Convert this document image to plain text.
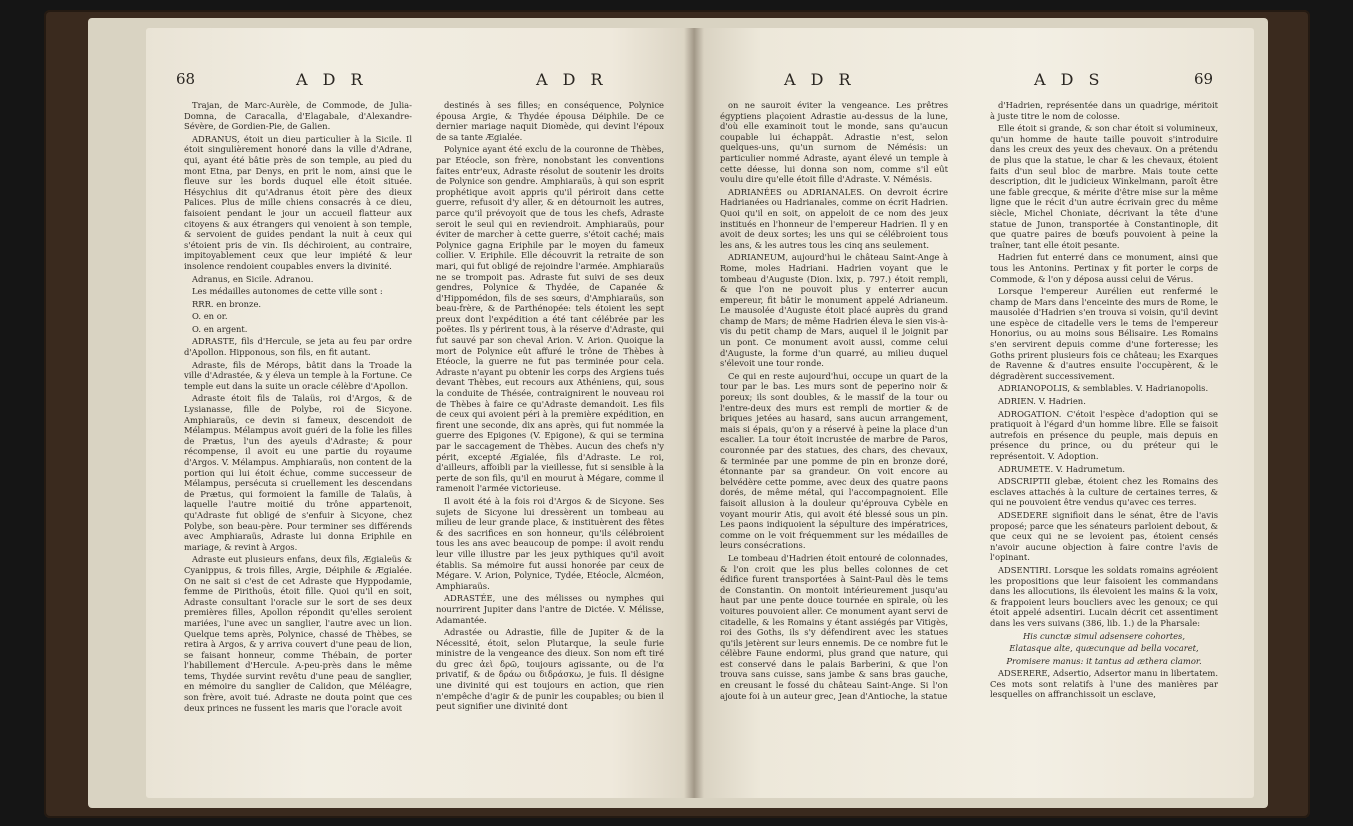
68	A D R	A D R

Trajan, de Marc-Aurèle, de Commode, de Julia-Domna, de Caracalla, d'Elagabale, d'Alexandre-Sévère, de Gordien-Pie, de Galien.

ADRANUS, étoit un dieu particulier à la Sicile. Il étoit singulièrement honoré dans la ville d'Adrane, qui, ayant été bâtie près de son temple, au pied du mont Etna, par Denys, en prit le nom, ainsi que le fleuve sur les bords duquel elle étoit située. Hésychius dit qu'Adranus étoit père des dieux Palices. Plus de mille chiens consacrés à ce dieu, faisoient pendant le jour un accueil flatteur aux citoyens & aux étrangers qui venoient à son temple, & servoient de guides pendant la nuit à ceux qui s'étoient pris de vin. Ils déchiroient, au contraire, impitoyablement ceux que leur impiété & leur insolence rendoient coupables envers la divinité.

Adranus, en Sicile. Adranou.

Les médailles autonomes de cette ville sont :

RRR. en bronze.

O. en or.

O. en argent.

ADRASTE, fils d'Hercule, se jeta au feu par ordre d'Apollon. Hipponous, son fils, en fit autant.

Adraste, fils de Mérops, bâtit dans la Troade la ville d'Adrastée, & y éleva un temple à la Fortune. Ce temple eut dans la suite un oracle célèbre d'Apollon.

Adraste étoit fils de Talaüs, roi d'Argos, & de Lysianasse, fille de Polybe, roi de Sicyone. Amphiaraüs, ce devin si fameux, descendoit de Mélampus. Mélampus avoit guéri de la folie les filles de Prætus, l'un des ayeuls d'Adraste; & pour récompense, il avoit eu une partie du royaume d'Argos. V. Mélampus. Amphiaraüs, non content de la portion qui lui étoit échue, comme successeur de Mélampus, persécuta si cruellement les descendans de Prætus, qui formoient la famille de Talaüs, à laquelle l'autre moitié du trône appartenoit, qu'Adraste fut obligé de s'enfuir à Sicyone, chez Polybe, son beau-père. Pour terminer ses différends avec Amphiaraüs, Adraste lui donna Eriphile en mariage, & revint à Argos.

Adraste eut plusieurs enfans, deux fils, Ægialeüs & Cyanippus, & trois filles, Argie, Déiphile & Ægialée. On ne sait si c'est de cet Adraste que Hyppodamie, femme de Pirithoüs, étoit fille. Quoi qu'il en soit, Adraste consultant l'oracle sur le sort de ses deux premières filles, Apollon répondit qu'elles seroient mariées, l'une avec un sanglier, l'autre avec un lion. Quelque tems après, Polynice, chassé de Thèbes, se retira à Argos, & y arriva couvert d'une peau de lion, se faisant honneur, comme Thébain, de porter l'habillement d'Hercule. A-peu-près dans le même tems, Thydée survint revêtu d'une peau de sanglier, en mémoire du sanglier de Calidon, que Méléagre, son frère, avoit tué. Adraste ne douta point que ces deux princes ne fussent les maris que l'oracle avoit

destinés à ses filles; en conséquence, Polynice épousa Argie, & Thydée épousa Déiphile. De ce dernier mariage naquit Diomède, qui devint l'époux de sa tante Ægialée.

Polynice ayant été exclu de la couronne de Thèbes, par Etéocle, son frère, nonobstant les conventions faites entr'eux, Adraste résolut de soutenir les droits de Polynice son gendre. Amphiaraüs, à qui son esprit prophétique avoit appris qu'il périroit dans cette guerre, refusoit d'y aller, & en détournoit les autres, parce qu'il prévoyoit que de tous les chefs, Adraste seroit le seul qui en reviendroit. Amphiaraüs, pour éviter de marcher à cette guerre, s'étoit caché; mais Polynice gagna Eriphile par le moyen du fameux collier. V. Eriphile. Elle découvrit la retraite de son mari, qui fut obligé de rejoindre l'armée. Amphiaraüs ne se trompoit pas. Adraste fut suivi de ses deux gendres, Polynice & Thydée, de Capanée & d'Hippomédon, fils de ses sœurs, d'Amphiaraüs, son beau-frère, & de Parthénopée: tels étoient les sept preux dont l'expédition a été tant célébrée par les poëtes. Ils y périrent tous, à la réserve d'Adraste, qui fut sauvé par son cheval Arion. V. Arion. Quoique la mort de Polynice eût affuré le trône de Thèbes à Etéocle, la guerre ne fut pas terminée pour cela. Adraste n'ayant pu obtenir les corps des Argiens tués devant Thèbes, eut recours aux Athéniens, qui, sous la conduite de Thésée, contraignirent le nouveau roi de Thèbes à faire ce qu'Adraste demandoit. Les fils de ceux qui avoient péri à la première expédition, en firent une seconde, dix ans après, qui fut nommée la guerre des Epigones (V. Epigone), & qui se termina par le saccagement de Thèbes. Aucun des chefs n'y périt, excepté Ægialée, fils d'Adraste. Le roi, d'ailleurs, affoibli par la vieillesse, fut si sensible à la perte de son fils, qu'il en mourut à Mégare, comme il ramenoit l'armée victorieuse.

Il avoit été à la fois roi d'Argos & de Sicyone. Ses sujets de Sicyone lui dressèrent un tombeau au milieu de leur grande place, & instituèrent des fêtes & des sacrifices en son honneur, qu'ils célébroient tous les ans avec beaucoup de pompe: il avoit rendu leur ville illustre par les jeux pythiques qu'il avoit établis. Sa mémoire fut aussi honorée par ceux de Mégare. V. Arion, Polynice, Tydée, Etéocle, Alcméon, Amphiaraüs.

ADRASTÉE, une des mélisses ou nymphes qui nourrirent Jupiter dans l'antre de Dictée. V. Mélisse, Adamantée.

Adrastée ou Adrastie, fille de Jupiter & de la Nécessité, étoit, selon Plutarque, la seule furie ministre de la vengeance des dieux. Son nom eft tiré du grec ἀεὶ δρῶ, toujours agissante, ou de l'α privatif, & de δράω ou διδράσκω, je fuis. Il désigne une divinité qui est toujours en action, que rien n'empêche d'agir & de punir les coupables; ou bien il peut signifier une divinité dont

A D R	A D S	69

on ne sauroit éviter la vengeance. Les prêtres égyptiens plaçoient Adrastie au-dessus de la lune, d'où elle examinoit tout le monde, sans qu'aucun coupable lui échappât. Adrastie n'est, selon quelques-uns, qu'un surnom de Némésis: un particulier nommé Adraste, ayant élevé un temple à cette déesse, lui donna son nom, comme s'il eût voulu dire qu'elle étoit fille d'Adraste. V. Némésis.

ADRIANÉES ou ADRIANALES. On devroit écrire Hadrianées ou Hadrianales, comme on écrit Hadrien. Quoi qu'il en soit, on appeloit de ce nom des jeux institués en l'honneur de l'empereur Hadrien. Il y en avoit de deux sortes; les uns qui se célébroient tous les ans, & les autres tous les cinq ans seulement.

ADRIANEUM, aujourd'hui le château Saint-Ange à Rome, moles Hadriani. Hadrien voyant que le tombeau d'Auguste (Dion. lxix, p. 797.) étoit rempli, & que l'on ne pouvoit plus y enterrer aucun empereur, fit bâtir le monument appelé Adrianeum. Le mausolée d'Auguste étoit placé auprès du grand champ de Mars; de même Hadrien éleva le sien vis-à-vis du petit champ de Mars, auquel il le joignit par un pont. Ce monument avoit aussi, comme celui d'Auguste, la forme d'un quarré, au milieu duquel s'élevoit une tour ronde.

Ce qui en reste aujourd'hui, occupe un quart de la tour par le bas. Les murs sont de peperino noir & poreux; ils sont doubles, & le massif de la tour ou l'entre-deux des murs est rempli de mortier & de briques jetées au hasard, sans aucun arrangement, mais si épais, qu'on y a réservé à peine la place d'un escalier. La tour étoit incrustée de marbre de Paros, couronnée par des statues, des chars, des chevaux, & terminée par une pomme de pin en bronze doré, étonnante par sa grandeur. On voit encore au belvédère cette pomme, avec deux des quatre paons dorés, de même métal, qui l'accompagnoient. Elle faisoit allusion à la douleur qu'éprouva Cybèle en voyant mourir Atis, qui avoit été blessé sous un pin. Les paons indiquoient la sépulture des impératrices, comme on le voit fréquemment sur les médailles de leurs consécrations.

Le tombeau d'Hadrien étoit entouré de colonnades, & l'on croit que les plus belles colonnes de cet édifice furent transportées à Saint-Paul dès le tems de Constantin. On montoit intérieurement jusqu'au haut par une pente douce tournée en spirale, où les voitures pouvoient aller. Ce monument ayant servi de citadelle, & les Romains y étant assiégés par Vitigès, roi des Goths, ils s'y défendirent avec les statues qu'ils jetèrent sur leurs ennemis. De ce nombre fut le célèbre Faune endormi, plus grand que nature, qui est conservé dans le palais Barberini, & que l'on trouva sans cuisse, sans jambe & sans bras gauche, en creusant le fossé du château Saint-Ange. Si l'on ajoute foi à un auteur grec, Jean d'Antioche, la statue

d'Hadrien, représentée dans un quadrige, méritoit à juste titre le nom de colosse.

Elle étoit si grande, & son char étoit si volumineux, qu'un homme de haute taille pouvoit s'introduire dans les creux des yeux des chevaux. On a prétendu de plus que la statue, le char & les chevaux, étoient faits d'un seul bloc de marbre. Mais toute cette description, dit le judicieux Winkelmann, paroît être une fable grecque, & mérite d'être mise sur la même ligne que le récit d'un autre écrivain grec du même siècle, Michel Choniate, décrivant la tête d'une statue de Junon, transportée à Constantinople, dit que quatre paires de bœufs pouvoient à peine la traîner, tant elle étoit pesante.

Hadrien fut enterré dans ce monument, ainsi que tous les Antonins. Pertinax y fit porter le corps de Commode, & l'on y déposa aussi celui de Vérus.

Lorsque l'empereur Aurélien eut renfermé le champ de Mars dans l'enceinte des murs de Rome, le mausolée d'Hadrien s'en trouva si voisin, qu'il devint une espèce de citadelle vers le tems de l'empereur Honorius, ou au moins sous Bélisaire. Les Romains s'en servirent depuis comme d'une forteresse; les Goths prirent plusieurs fois ce château; les Exarques de Ravenne & d'autres ensuite l'occupèrent, & le dégradèrent successivement.

ADRIANOPOLIS, & semblables. V. Hadrianopolis.

ADRIEN. V. Hadrien.

ADROGATION. C'étoit l'espèce d'adoption qui se pratiquoit à l'égard d'un homme libre. Elle se faisoit autrefois en présence du peuple, mais depuis en présence du prince, ou du préteur qui le représentoit. V. Adoption.

ADRUMETE. V. Hadrumetum.

ADSCRIPTII glebæ, étoient chez les Romains des esclaves attachés à la culture de certaines terres, & qui ne pouvoient être vendus qu'avec ces terres.

ADSEDERE signifioit dans le sénat, être de l'avis proposé; parce que les sénateurs parloient debout, & que ceux qui ne se levoient pas, étoient censés n'avoir aucune objection à faire contre l'avis de l'opinant.

ADSENTIRI. Lorsque les soldats romains agréoient les propositions que leur faisoient les commandans dans les allocutions, ils élevoient les mains & la voix, & frappoient leurs boucliers avec les genoux; ce qui étoit appelé adsentiri. Lucain décrit cet assentiment dans les vers suivans (386, lib. 1.) de la Pharsale:

His cunctæ simul adsensere cohortes,

Elatasque alte, quæcunque ad bella vocaret,

Promisere manus: it tantus ad æthera clamor.

ADSERERE, Adsertio, Adsertor manu in libertatem. Ces mots sont relatifs à l'une des manières par lesquelles on affranchissoit un esclave,
